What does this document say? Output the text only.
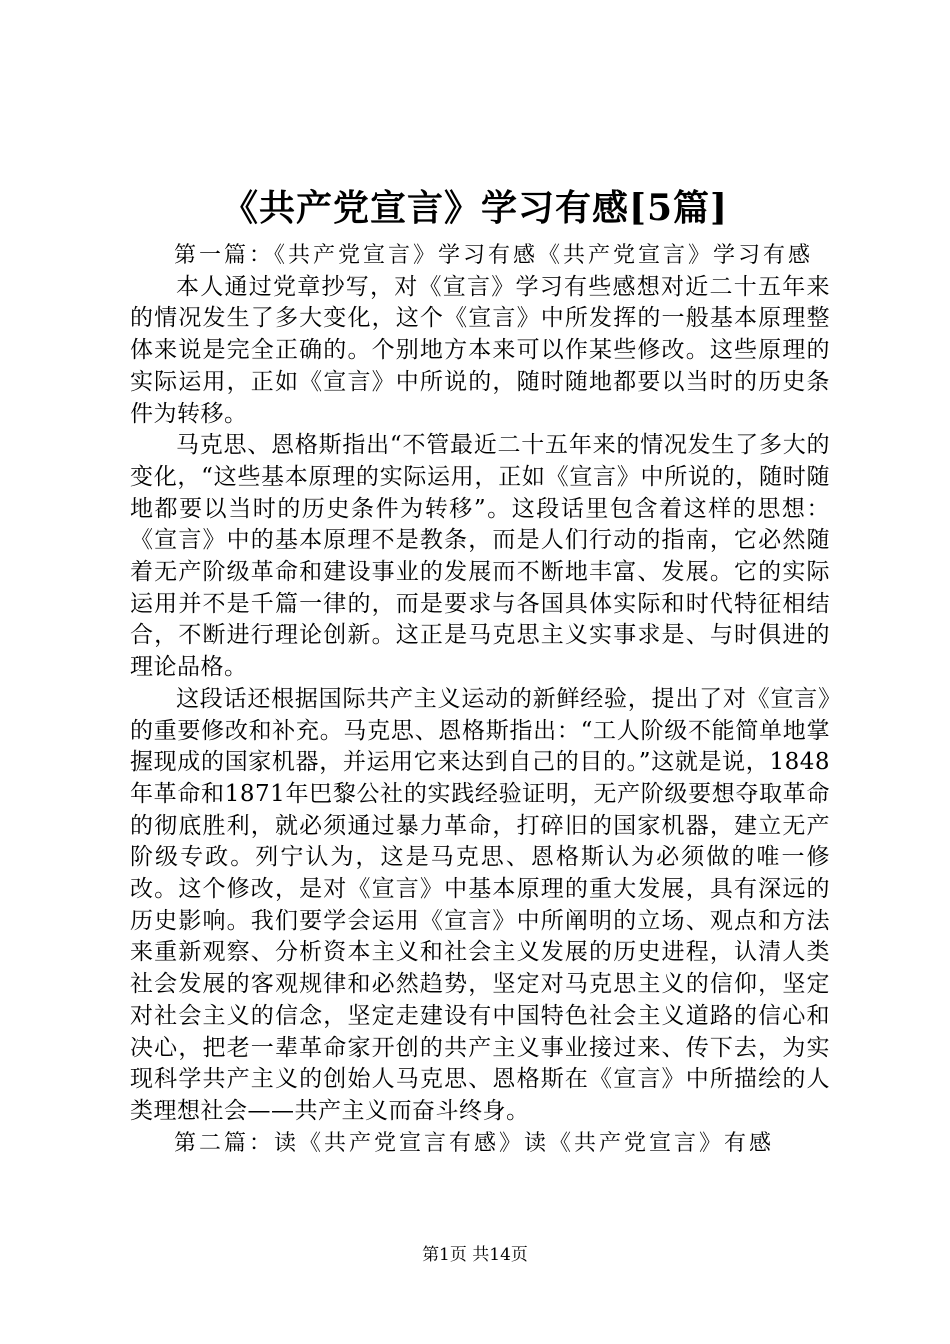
《共产党宣言》学习有感[5篇]

第一篇：《共产党宣言》学习有感《共产党宣言》学习有感

本人通过党章抄写，对《宣言》学习有些感想对近二十五年来的情况发生了多大变化，这个《宣言》中所发挥的一般基本原理整体来说是完全正确的。个别地方本来可以作某些修改。这些原理的实际运用，正如《宣言》中所说的，随时随地都要以当时的历史条件为转移。

马克思、恩格斯指出“不管最近二十五年来的情况发生了多大的变化，“这些基本原理的实际运用，正如《宣言》中所说的，随时随地都要以当时的历史条件为转移”。这段话里包含着这样的思想：《宣言》中的基本原理不是教条，而是人们行动的指南，它必然随着无产阶级革命和建设事业的发展而不断地丰富、发展。它的实际运用并不是千篇一律的，而是要求与各国具体实际和时代特征相结合，不断进行理论创新。这正是马克思主义实事求是、与时俱进的理论品格。

这段话还根据国际共产主义运动的新鲜经验，提出了对《宣言》的重要修改和补充。马克思、恩格斯指出：“工人阶级不能简单地掌握现成的国家机器，并运用它来达到自己的目的。”这就是说，1848年革命和1871年巴黎公社的实践经验证明，无产阶级要想夺取革命的彻底胜利，就必须通过暴力革命，打碎旧的国家机器，建立无产阶级专政。列宁认为，这是马克思、恩格斯认为必须做的唯一修改。这个修改，是对《宣言》中基本原理的重大发展，具有深远的历史影响。我们要学会运用《宣言》中所阐明的立场、观点和方法来重新观察、分析资本主义和社会主义发展的历史进程，认清人类社会发展的客观规律和必然趋势，坚定对马克思主义的信仰，坚定对社会主义的信念，坚定走建设有中国特色社会主义道路的信心和决心，把老一辈革命家开创的共产主义事业接过来、传下去，为实现科学共产主义的创始人马克思、恩格斯在《宣言》中所描绘的人类理想社会——共产主义而奋斗终身。

第二篇：读《共产党宣言有感》读《共产党宣言》有感

第1页 共14页
